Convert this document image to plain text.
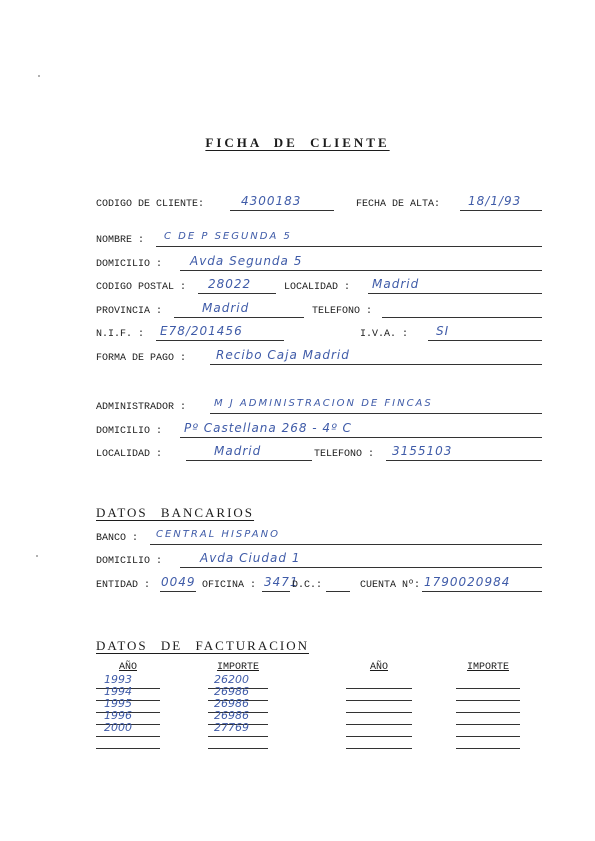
FICHA DE CLIENTE
CODIGO DE CLIENTE:	4300183	FECHA DE ALTA: 18/1/93
NOMBRE : C DE P SEGUNDA 5
DOMICILIO : Avda Segunda 5
CODIGO POSTAL : 28022	LOCALIDAD : Madrid
PROVINCIA :	Madrid	TELEFONO :
N.I.F. : E78/201456	I.V.A. : SI
FORMA DE PAGO : Recibo Caja Madrid
ADMINISTRADOR :	M J ADMINISTRACION DE FINCAS
DOMICILIO : Pº Castellana 268 - 4º C
LOCALIDAD :	Madrid	TELEFONO : 3155103
DATOS BANCARIOS
BANCO : CENTRAL HISPANO
DOMICILIO :	Avda Ciudad 1
ENTIDAD : 0049 OFICINA : 3471
D.C.:	CUENTA Nº: 1790020984
DATOS DE FACTURACION
AÑO	IMPORTE	AÑO	IMPORTE
1993	26200
1994	26986
1995	26986
1996	26986
2000	27769
